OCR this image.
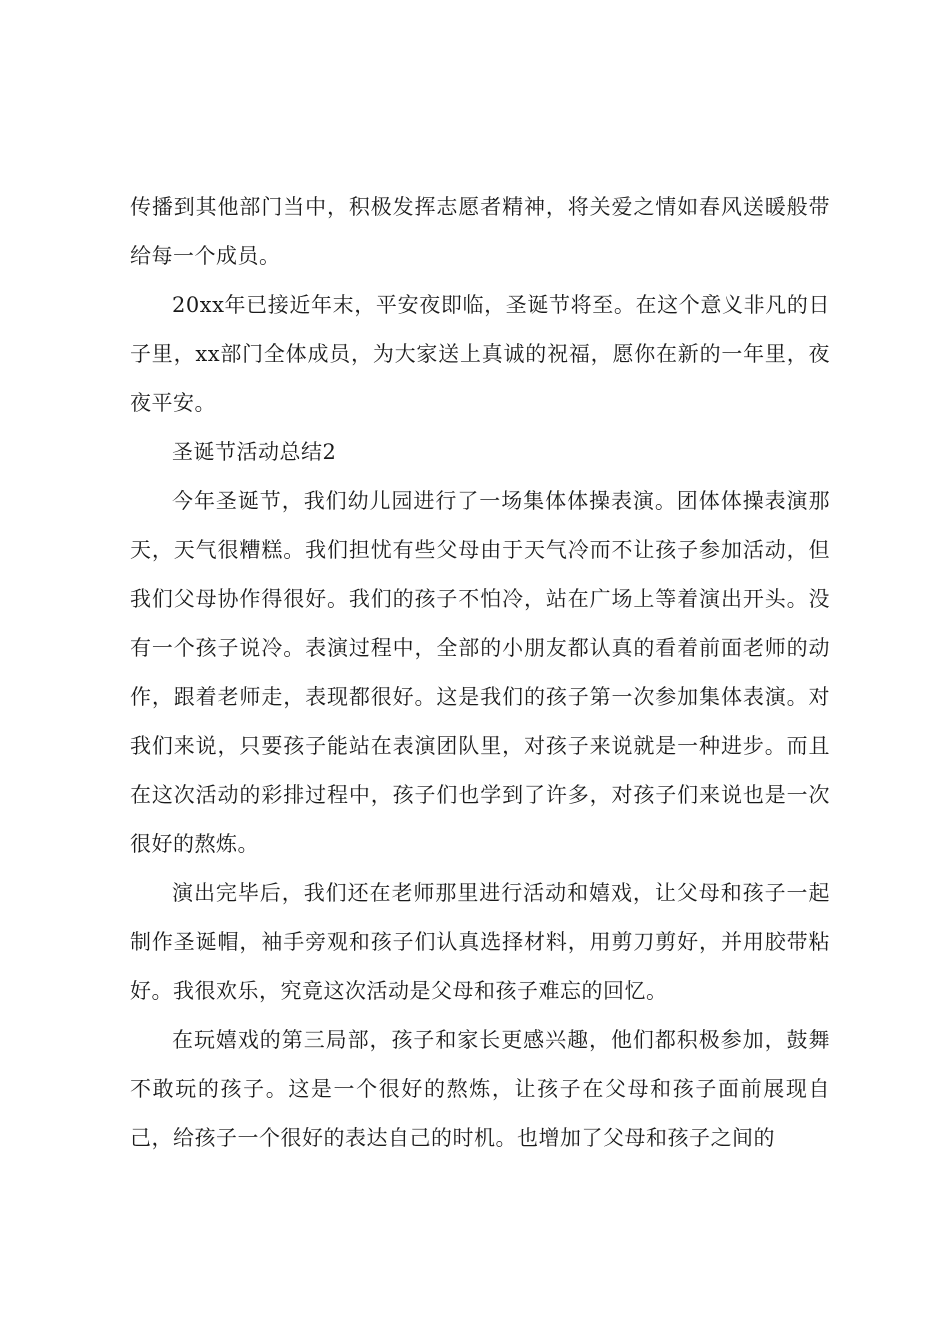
传播到其他部门当中，积极发挥志愿者精神，将关爱之情如春风送暖般带给每一个成员。

20xx年已接近年末，平安夜即临，圣诞节将至。在这个意义非凡的日子里，xx部门全体成员，为大家送上真诚的祝福，愿你在新的一年里，夜夜平安。

圣诞节活动总结2

今年圣诞节，我们幼儿园进行了一场集体体操表演。团体体操表演那天，天气很糟糕。我们担忧有些父母由于天气冷而不让孩子参加活动，但我们父母协作得很好。我们的孩子不怕冷，站在广场上等着演出开头。没有一个孩子说冷。表演过程中，全部的小朋友都认真的看着前面老师的动作，跟着老师走，表现都很好。这是我们的孩子第一次参加集体表演。对我们来说，只要孩子能站在表演团队里，对孩子来说就是一种进步。而且在这次活动的彩排过程中，孩子们也学到了许多，对孩子们来说也是一次很好的熬炼。

演出完毕后，我们还在老师那里进行活动和嬉戏，让父母和孩子一起制作圣诞帽，袖手旁观和孩子们认真选择材料，用剪刀剪好，并用胶带粘好。我很欢乐，究竟这次活动是父母和孩子难忘的回忆。

在玩嬉戏的第三局部，孩子和家长更感兴趣，他们都积极参加，鼓舞不敢玩的孩子。这是一个很好的熬炼，让孩子在父母和孩子面前展现自己，给孩子一个很好的表达自己的时机。也增加了父母和孩子之间的
